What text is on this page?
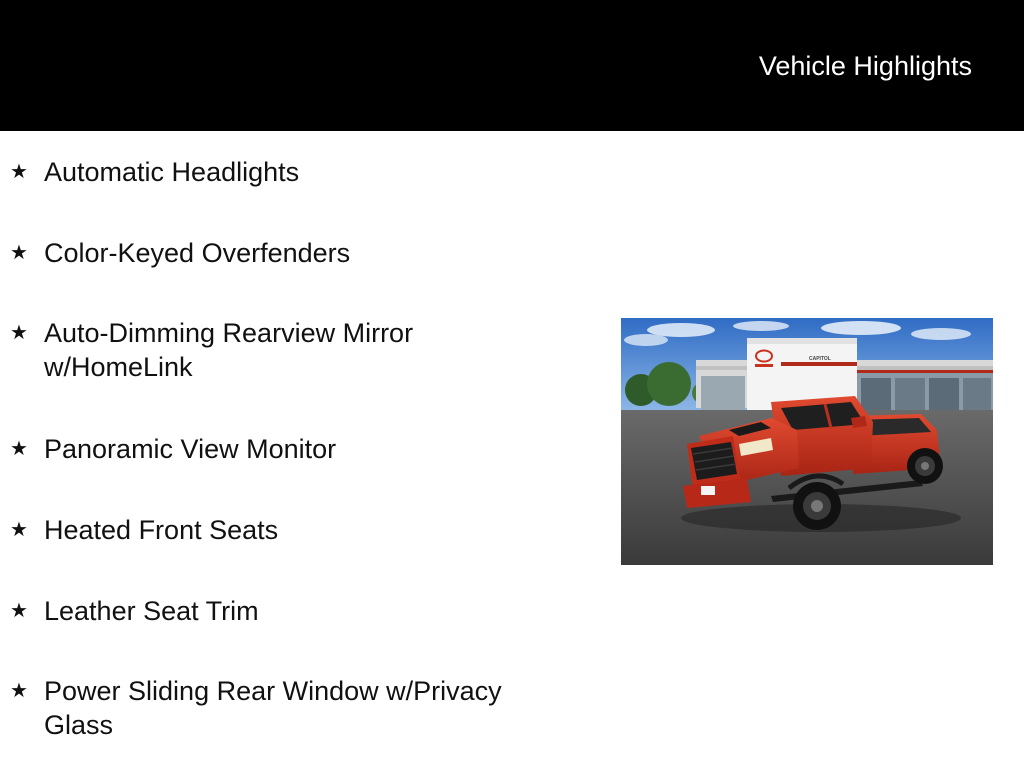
Vehicle Highlights
★ Automatic Headlights
★ Color-Keyed Overfenders
★ Auto-Dimming Rearview Mirror w/HomeLink
★ Panoramic View Monitor
★ Heated Front Seats
★ Leather Seat Trim
★ Power Sliding Rear Window w/Privacy Glass
CAPITOL
